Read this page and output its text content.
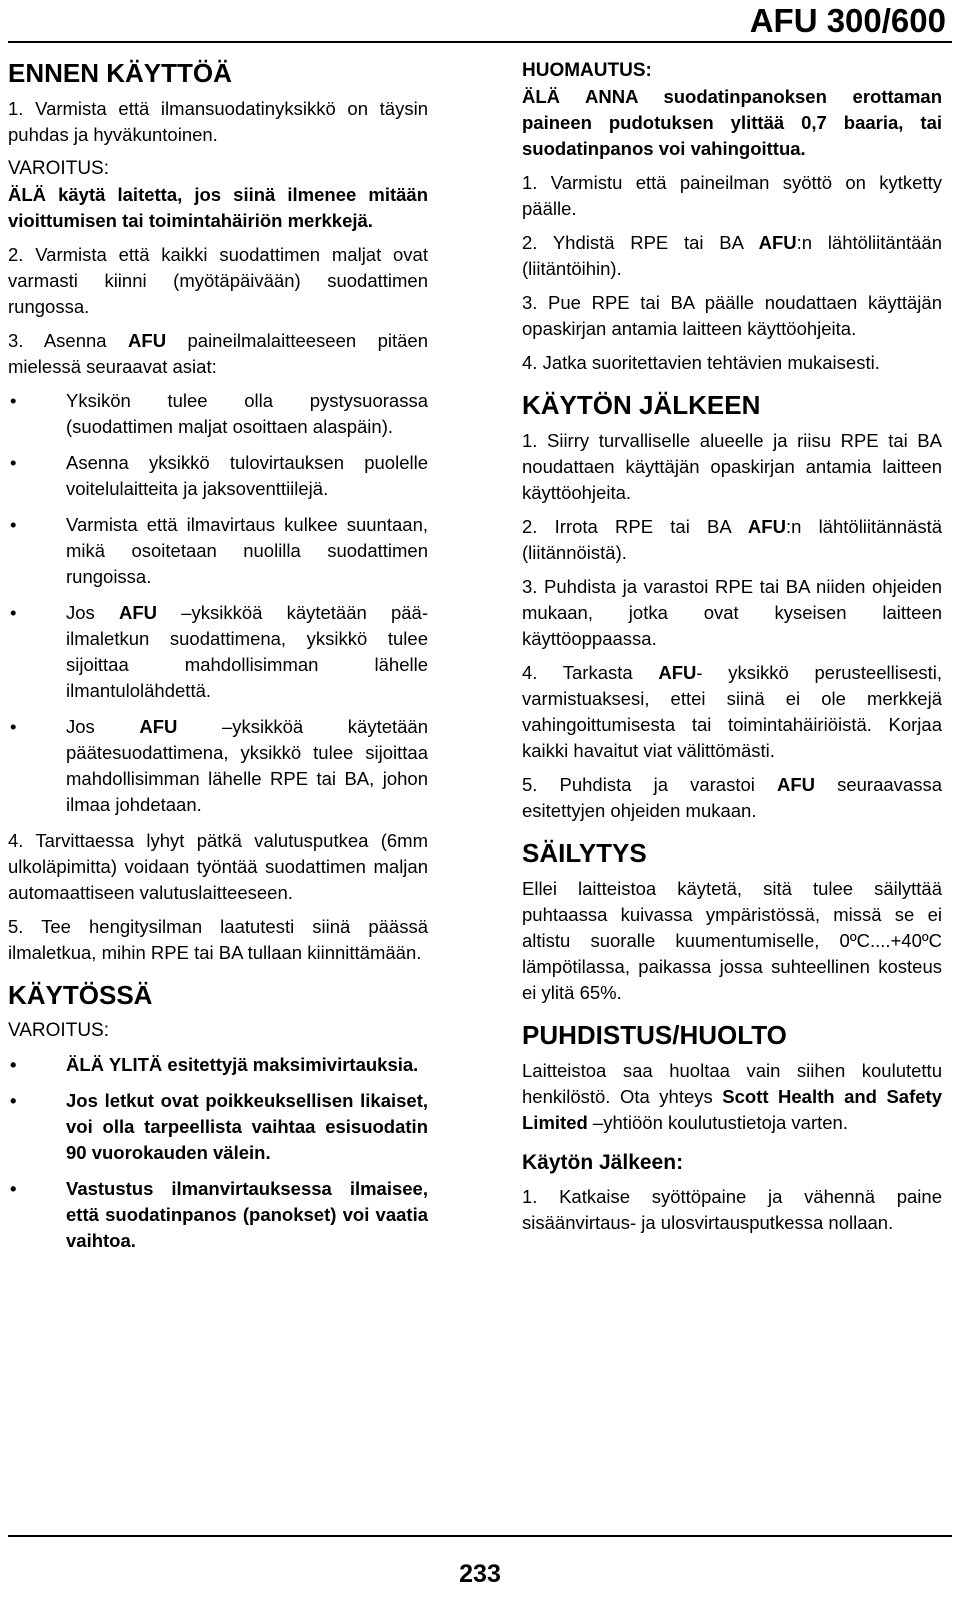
AFU 300/600
ENNEN KÄYTTÖÄ
1. Varmista että ilmansuodatinyksikkö on täysin puhdas ja hyväkuntoinen.
VAROITUS:
ÄLÄ käytä laitetta, jos siinä ilmenee mitään vioittumisen tai toimintahäiriön merkkejä.
2. Varmista että kaikki suodattimen maljat ovat varmasti kiinni (myötäpäivään) suodattimen rungossa.
3. Asenna AFU paineilmalaitteeseen pitäen mielessä seuraavat asiat:
•	Yksikön tulee olla pystysuorassa (suodattimen maljat osoittaen alaspäin).
•	Asenna yksikkö tulovirtauksen puolelle voitelulaitteita ja jaksoventtiilejä.
•	Varmista että ilmavirtaus kulkee suuntaan, mikä osoitetaan nuolilla suodattimen rungoissa.
•	Jos AFU –yksikköä käytetään pää-ilmaletkun suodattimena, yksikkö tulee sijoittaa mahdollisimman lähelle ilmantulolähdettä.
•	Jos AFU –yksikköä käytetään päätesuodattimena, yksikkö tulee sijoittaa mahdollisimman lähelle RPE tai BA, johon ilmaa johdetaan.
4. Tarvittaessa lyhyt pätkä valutusputkea (6mm ulkoläpimitta) voidaan työntää suodattimen maljan automaattiseen valutuslaitteeseen.
5. Tee hengitysilman laatutesti siinä päässä ilmaletkua, mihin RPE tai BA tullaan kiinnittämään.
KÄYTÖSSÄ
VAROITUS:
•	ÄLÄ YLITÄ esitettyjä maksimivirtauksia.
•	Jos letkut ovat poikkeuksellisen likaiset, voi olla tarpeellista vaihtaa esisuodatin 90 vuorokauden välein.
•	Vastustus ilmanvirtauksessa ilmaisee, että suodatinpanos (panokset) voi vaatia vaihtoa.
HUOMAUTUS:
ÄLÄ ANNA suodatinpanoksen erottaman paineen pudotuksen ylittää 0,7 baaria, tai suodatinpanos voi vahingoittua.
1. Varmistu että paineilman syöttö on kytketty päälle.
2. Yhdistä RPE tai BA AFU:n lähtöliitäntään (liitäntöihin).
3. Pue RPE tai BA päälle noudattaen käyttäjän opaskirjan antamia laitteen käyttöohjeita.
4. Jatka suoritettavien tehtävien mukaisesti.
KÄYTÖN JÄLKEEN
1. Siirry turvalliselle alueelle ja riisu RPE tai BA noudattaen käyttäjän opaskirjan antamia laitteen käyttöohjeita.
2. Irrota RPE tai BA AFU:n lähtöliitännästä (liitännöistä).
3. Puhdista ja varastoi RPE tai BA niiden ohjeiden mukaan, jotka ovat kyseisen laitteen käyttöoppaassa.
4. Tarkasta AFU- yksikkö perusteellisesti, varmistuaksesi, ettei siinä ei ole merkkejä vahingoittumisesta tai toimintahäiriöistä. Korjaa kaikki havaitut viat välittömästi.
5. Puhdista ja varastoi AFU seuraavassa esitettyjen ohjeiden mukaan.
SÄILYTYS
Ellei laitteistoa käytetä, sitä tulee säilyttää puhtaassa kuivassa ympäristössä, missä se ei altistu suoralle kuumentumiselle, 0ºC....+40ºC lämpötilassa, paikassa jossa suhteellinen kosteus ei ylitä 65%.
PUHDISTUS/HUOLTO
Laitteistoa saa huoltaa vain siihen koulutettu henkilöstö. Ota yhteys Scott Health and Safety Limited –yhtiöön koulutustietoja varten.
Käytön Jälkeen:
1. Katkaise syöttöpaine ja vähennä paine sisäänvirtaus- ja ulosvirtausputkessa nollaan.
233
